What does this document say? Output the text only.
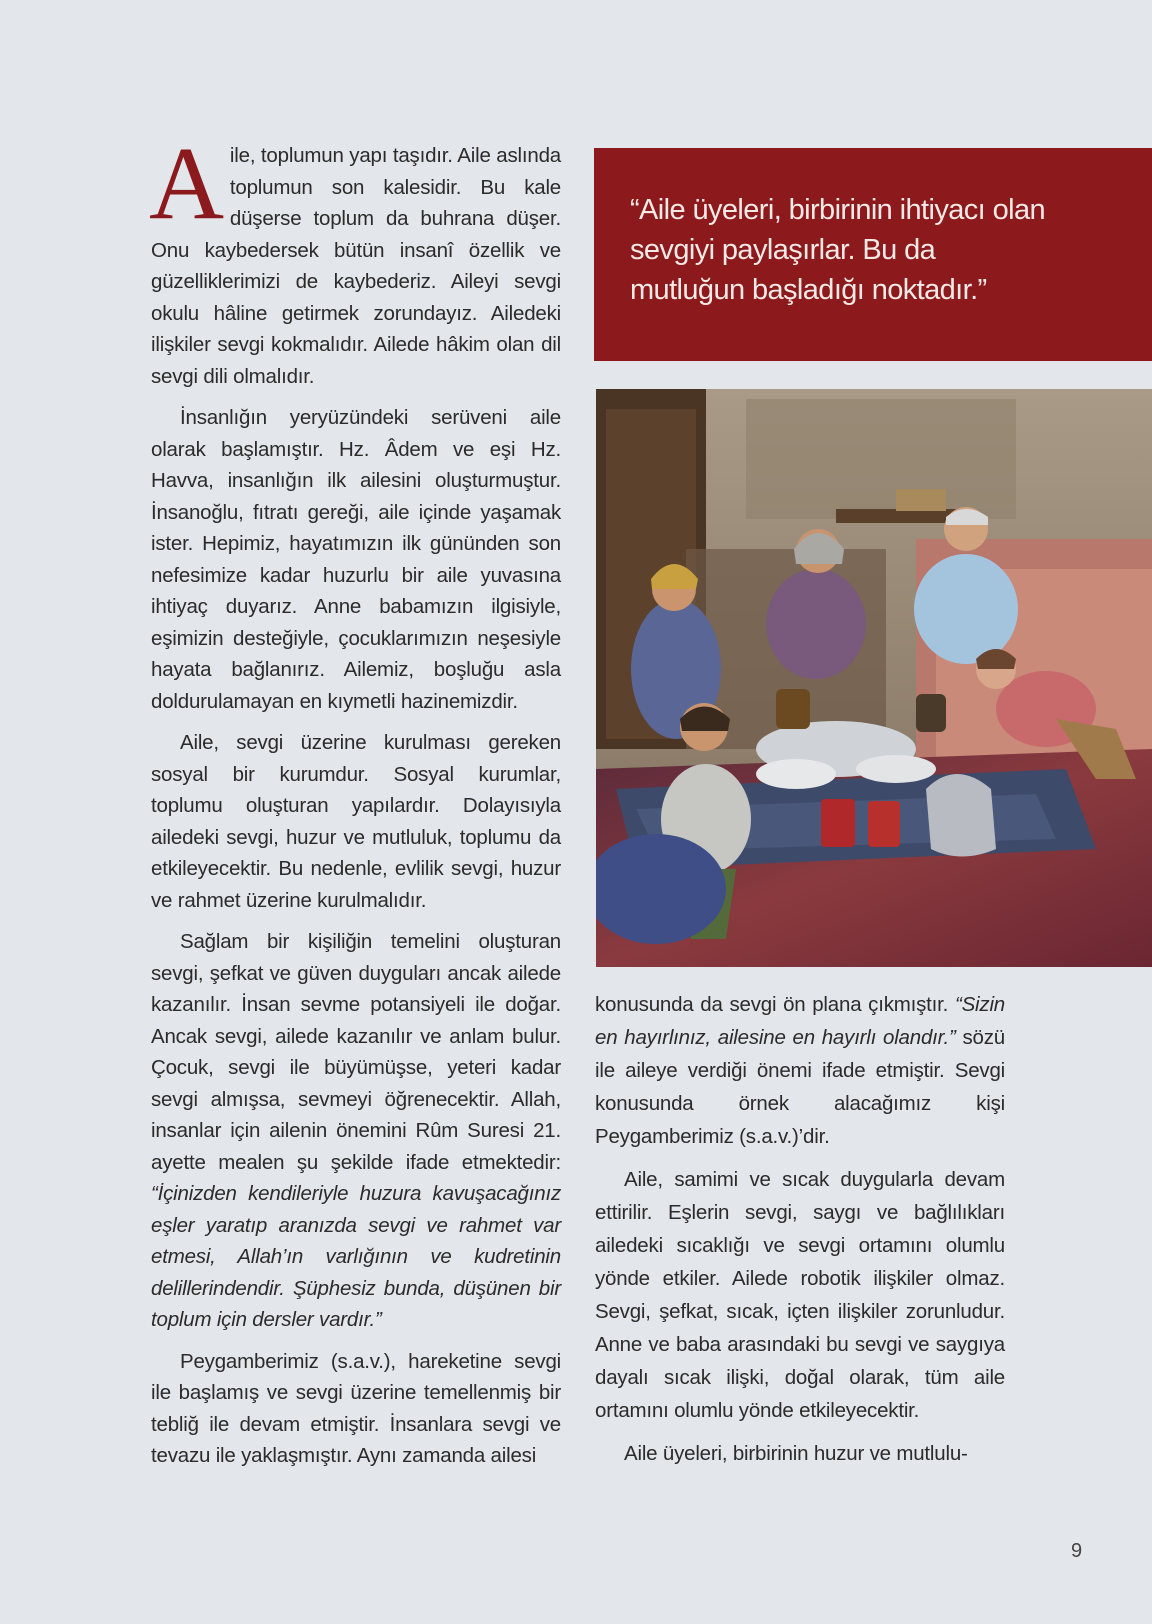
Aile, toplumun yapı taşıdır. Aile aslında toplumun son kalesidir. Bu kale düşerse toplum da buhrana düşer. Onu kaybedersek bütün insanî özellik ve güzelliklerimizi de kaybederiz. Aileyi sevgi okulu hâline getirmek zorundayız. Ailedeki ilişkiler sevgi kokmalıdır. Ailede hâkim olan dil sevgi dili olmalıdır.

İnsanlığın yeryüzündeki serüveni aile olarak başlamıştır. Hz. Âdem ve eşi Hz. Havva, insanlığın ilk ailesini oluşturmuştur. İnsanoğlu, fıtratı gereği, aile içinde yaşamak ister. Hepimiz, hayatımızın ilk gününden son nefesimize kadar huzurlu bir aile yuvasına ihtiyaç duyarız. Anne babamızın ilgisiyle, eşimizin desteğiyle, çocuklarımızın neşesiyle hayata bağlanırız. Ailemiz, boşluğu asla doldurulamayan en kıymetli hazinemizdir.

Aile, sevgi üzerine kurulması gereken sosyal bir kurumdur. Sosyal kurumlar, toplumu oluşturan yapılardır. Dolayısıyla ailedeki sevgi, huzur ve mutluluk, toplumu da etkileyecektir. Bu nedenle, evlilik sevgi, huzur ve rahmet üzerine kurulmalıdır.

Sağlam bir kişiliğin temelini oluşturan sevgi, şefkat ve güven duyguları ancak ailede kazanılır. İnsan sevme potansiyeli ile doğar. Ancak sevgi, ailede kazanılır ve anlam bulur. Çocuk, sevgi ile büyümüşse, yeteri kadar sevgi almışsa, sevmeyi öğrenecektir. Allah, insanlar için ailenin önemini Rûm Suresi 21. ayette mealen şu şekilde ifade etmektedir: “İçinizden kendileriyle huzura kavuşacağınız eşler yaratıp aranızda sevgi ve rahmet var etmesi, Allah’ın varlığının ve kudretinin delillerindendir. Şüphesiz bunda, düşünen bir toplum için dersler vardır.”

Peygamberimiz (s.a.v.), hareketine sevgi ile başlamış ve sevgi üzerine temellenmiş bir tebliğ ile devam etmiştir. İnsanlara sevgi ve tevazu ile yaklaşmıştır. Aynı zamanda ailesi

“Aile üyeleri, birbirinin ihtiyacı olan sevgiyi paylaşırlar. Bu da mutluğun başladığı noktadır.”

konusunda da sevgi ön plana çıkmıştır. “Sizin en hayırlınız, ailesine en hayırlı olandır.” sözü ile aileye verdiği önemi ifade etmiştir. Sevgi konusunda örnek alacağımız kişi Peygamberimiz (s.a.v.)’dir.

Aile, samimi ve sıcak duygularla devam ettirilir. Eşlerin sevgi, saygı ve bağlılıkları ailedeki sıcaklığı ve sevgi ortamını olumlu yönde etkiler. Ailede robotik ilişkiler olmaz. Sevgi, şefkat, sıcak, içten ilişkiler zorunludur. Anne ve baba arasındaki bu sevgi ve saygıya dayalı sıcak ilişki, doğal olarak, tüm aile ortamını olumlu yönde etkileyecektir.

Aile üyeleri, birbirinin huzur ve mutlulu-

9
